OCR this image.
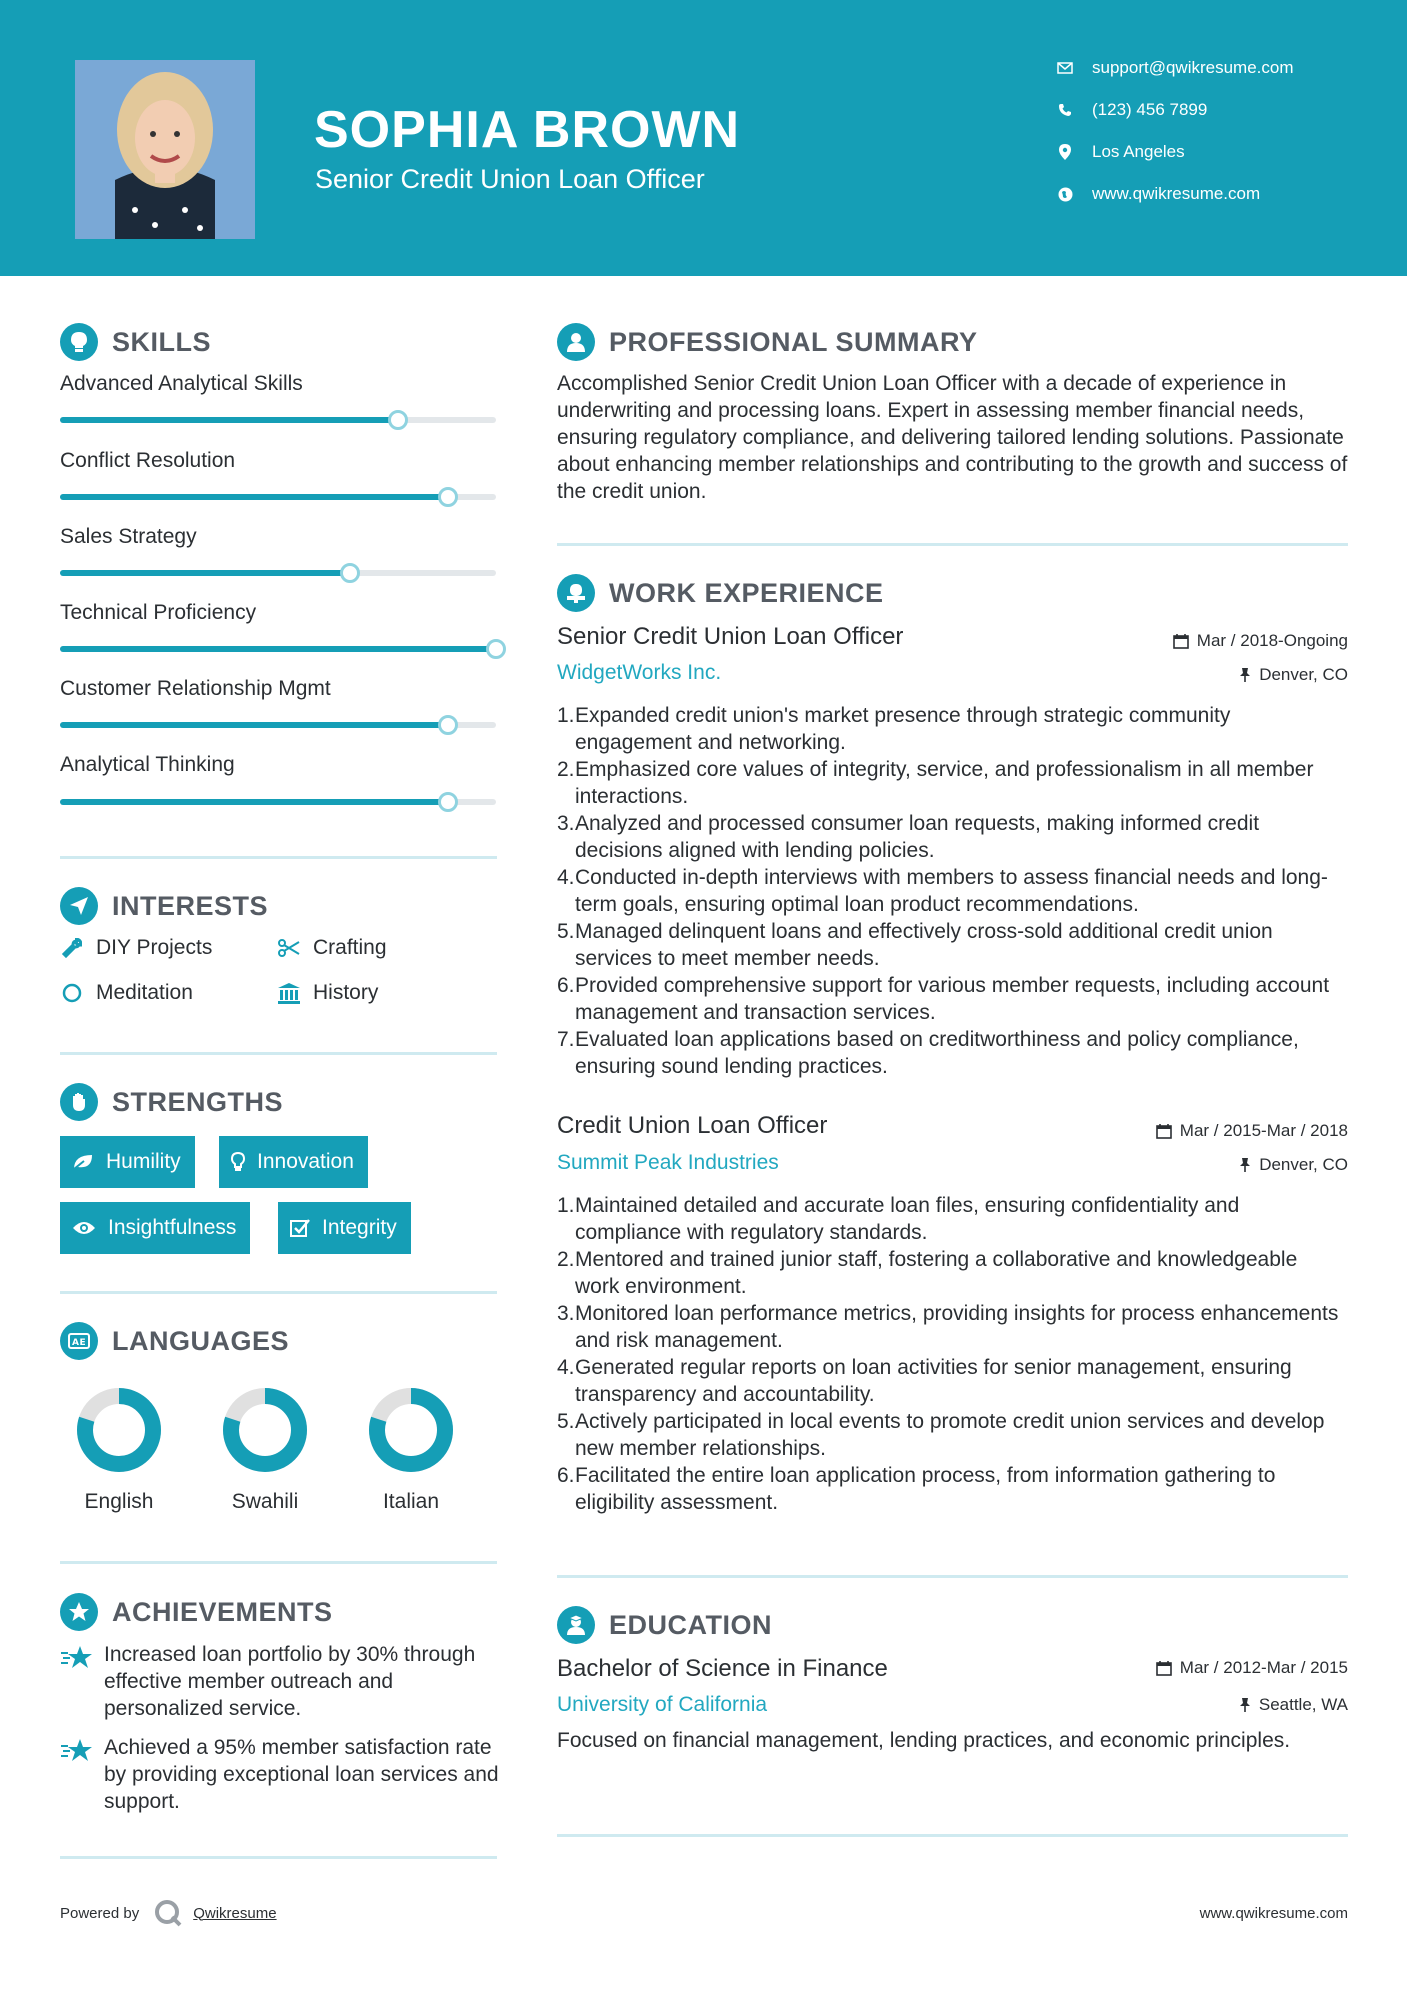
SOPHIA BROWN
Senior Credit Union Loan Officer
support@qwikresume.com
(123) 456 7899
Los Angeles
www.qwikresume.com
SKILLS
Advanced Analytical Skills
Conflict Resolution
Sales Strategy
Technical Proficiency
Customer Relationship Mgmt
Analytical Thinking
INTERESTS
DIY Projects	Crafting
Meditation	History
STRENGTHS
Humility	Innovation
Insightfulness	Integrity
AE LANGUAGES
English	Swahili	Italian
ACHIEVEMENTS
Increased loan portfolio by 30% through effective member outreach and personalized service.
Achieved a 95% member satisfaction rate by providing exceptional loan services and support.
PROFESSIONAL SUMMARY
Accomplished Senior Credit Union Loan Officer with a decade of experience in underwriting and processing loans. Expert in assessing member financial needs, ensuring regulatory compliance, and delivering tailored lending solutions. Passionate about enhancing member relationships and contributing to the growth and success of the credit union.
WORK EXPERIENCE
Senior Credit Union Loan Officer	Mar / 2018-Ongoing
WidgetWorks Inc.	Denver, CO
1. Expanded credit union's market presence through strategic community engagement and networking.
2. Emphasized core values of integrity, service, and professionalism in all member interactions.
3. Analyzed and processed consumer loan requests, making informed credit decisions aligned with lending policies.
4. Conducted in-depth interviews with members to assess financial needs and long-term goals, ensuring optimal loan product recommendations.
5. Managed delinquent loans and effectively cross-sold additional credit union services to meet member needs.
6. Provided comprehensive support for various member requests, including account management and transaction services.
7. Evaluated loan applications based on creditworthiness and policy compliance, ensuring sound lending practices.
Credit Union Loan Officer	Mar / 2015-Mar / 2018
Summit Peak Industries	Denver, CO
1. Maintained detailed and accurate loan files, ensuring confidentiality and compliance with regulatory standards.
2. Mentored and trained junior staff, fostering a collaborative and knowledgeable work environment.
3. Monitored loan performance metrics, providing insights for process enhancements and risk management.
4. Generated regular reports on loan activities for senior management, ensuring transparency and accountability.
5. Actively participated in local events to promote credit union services and develop new member relationships.
6. Facilitated the entire loan application process, from information gathering to eligibility assessment.
EDUCATION
Bachelor of Science in Finance	Mar / 2012-Mar / 2015
University of California	Seattle, WA
Focused on financial management, lending practices, and economic principles.
Powered by	Qwikresume	www.qwikresume.com
